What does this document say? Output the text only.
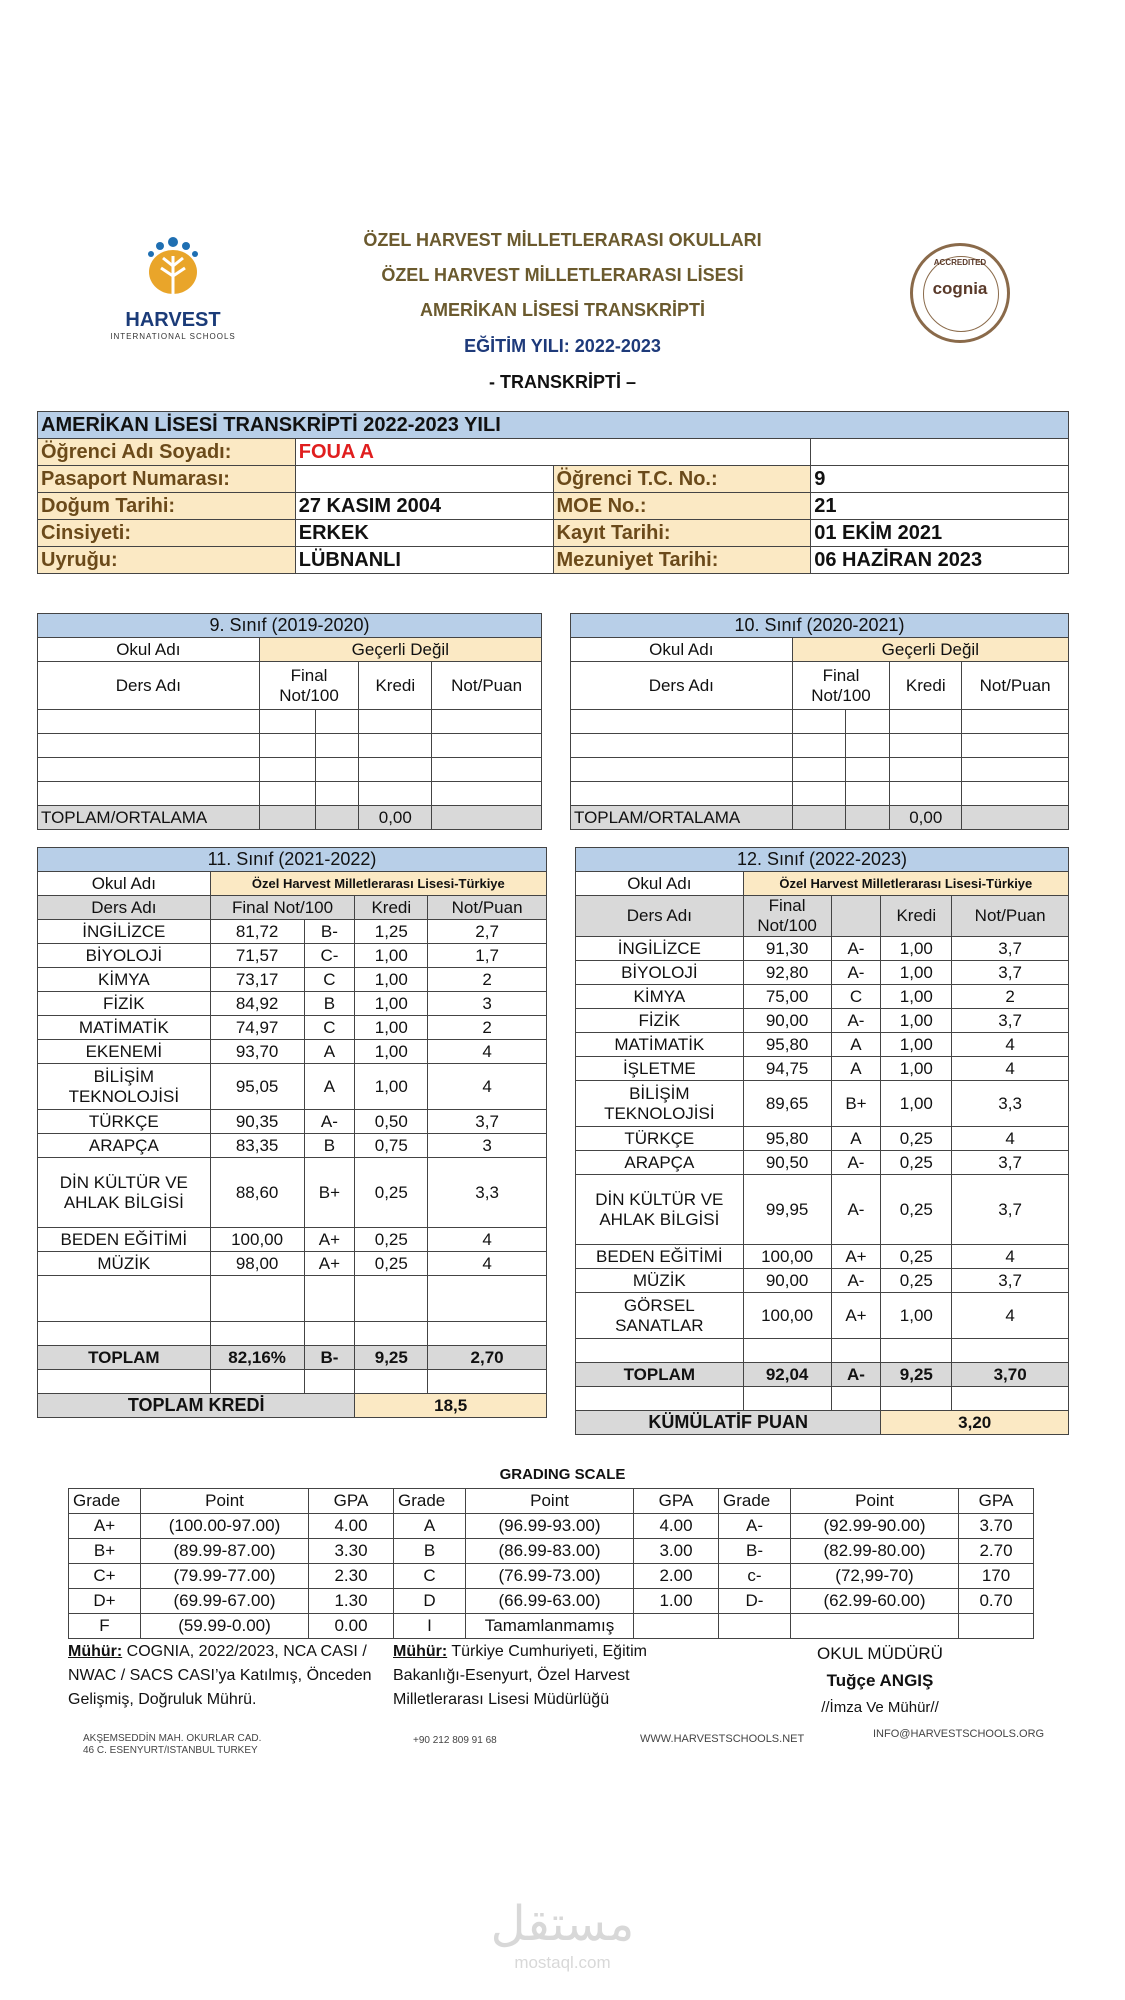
ÖZEL HARVEST MİLLETLERARASI OKULLARI
ÖZEL HARVEST MİLLETLERARASI LİSESİ
AMERİKAN LİSESİ TRANSKRİPTİ
EĞİTİM YILI: 2022-2023
- TRANSKRİPTİ –
HARVEST
INTERNATIONAL SCHOOLS
ACCREDITED
cognia
AMERİKAN LİSESİ TRANSKRİPTİ 2022-2023 YILI			
Öğrenci Adı Soyadı:	FOUA A		
Pasaport Numarası:		Öğrenci T.C. No.:	9
Doğum Tarihi:	27 KASIM 2004	MOE No.:	21
Cinsiyeti:	ERKEK	Kayıt Tarihi:	01 EKİM 2021
Uyruğu:	LÜBNANLI	Mezuniyet Tarihi:	06 HAZİRAN 2023
9. Sınıf (2019-2020)				
Okul Adı	Geçerli Değil			
Ders Adı	Final Not/100		Kredi	Not/Puan

TOPLAM/ORTALAMA			0,00	
10. Sınıf (2020-2021)				
Okul Adı	Geçerli Değil			
Ders Adı	Final Not/100		Kredi	Not/Puan

TOPLAM/ORTALAMA			0,00	
11. Sınıf (2021-2022)				
Okul Adı	Özel Harvest Milletlerarası Lisesi-Türkiye			
Ders Adı	Final Not/100		Kredi	Not/Puan
İNGİLİZCE	81,72	B-	1,25	2,7
BİYOLOJİ	71,57	C-	1,00	1,7
KİMYA	73,17	C	1,00	2
FİZİK	84,92	B	1,00	3
MATİMATİK	74,97	C	1,00	2
EKENEMİ	93,70	A	1,00	4
BİLİŞİM TEKNOLOJİSİ	95,05	A	1,00	4
TÜRKÇE	90,35	A-	0,50	3,7
ARAPÇA	83,35	B	0,75	3
DİN KÜLTÜR VE AHLAK BİLGİSİ	88,60	B+	0,25	3,3
BEDEN EĞİTİMİ	100,00	A+	0,25	4
MÜZİK	98,00	A+	0,25	4

TOPLAM	82,16%	B-	9,25	2,70

TOPLAM KREDİ			18,5	
12. Sınıf (2022-2023)				
Okul Adı	Özel Harvest Milletlerarası Lisesi-Türkiye			
Ders Adı	Final Not/100		Kredi	Not/Puan
İNGİLİZCE	91,30	A-	1,00	3,7
BİYOLOJİ	92,80	A-	1,00	3,7
KİMYA	75,00	C	1,00	2
FİZİK	90,00	A-	1,00	3,7
MATİMATİK	95,80	A	1,00	4
İŞLETME	94,75	A	1,00	4
BİLİŞİM TEKNOLOJİSİ	89,65	B+	1,00	3,3
TÜRKÇE	95,80	A	0,25	4
ARAPÇA	90,50	A-	0,25	3,7
DİN KÜLTÜR VE AHLAK BİLGİSİ	99,95	A-	0,25	3,7
BEDEN EĞİTİMİ	100,00	A+	0,25	4
MÜZİK	90,00	A-	0,25	3,7
GÖRSEL SANATLAR	100,00	A+	1,00	4

TOPLAM	92,04	A-	9,25	3,70

KÜMÜLATİF PUAN			3,20	
GRADING SCALE
Grade	Point	GPA	Grade	Point	GPA	Grade	Point	GPA
A+	(100.00-97.00)	4.00	A	(96.99-93.00)	4.00	A-	(92.99-90.00)	3.70
B+	(89.99-87.00)	3.30	B	(86.99-83.00)	3.00	B-	(82.99-80.00)	2.70
C+	(79.99-77.00)	2.30	C	(76.99-73.00)	2.00	c-	(72,99-70)	170
D+	(69.99-67.00)	1.30	D	(66.99-63.00)	1.00	D-	(62.99-60.00)	0.70
F	(59.99-0.00)	0.00	I	Tamamlanmamış				
Mühür: COGNIA, 2022/2023, NCA CASI / NWAC / SACS CASI’ya Katılmış, Önceden Gelişmiş, Doğruluk Mührü.
Mühür: Türkiye Cumhuriyeti, Eğitim Bakanlığı-Esenyurt, Özel Harvest Milletlerarası Lisesi Müdürlüğü
OKUL MÜDÜRÜ
Tuğçe ANGIŞ
//İmza Ve Mühür//
AKŞEMSEDDİN MAH. OKURLAR CAD.
46 C. ESENYURT/ISTANBUL TURKEY
+90 212 809 91 68	WWW.HARVESTSCHOOLS.NET	INFO@HARVESTSCHOOLS.ORG
مستقل
mostaql.com
